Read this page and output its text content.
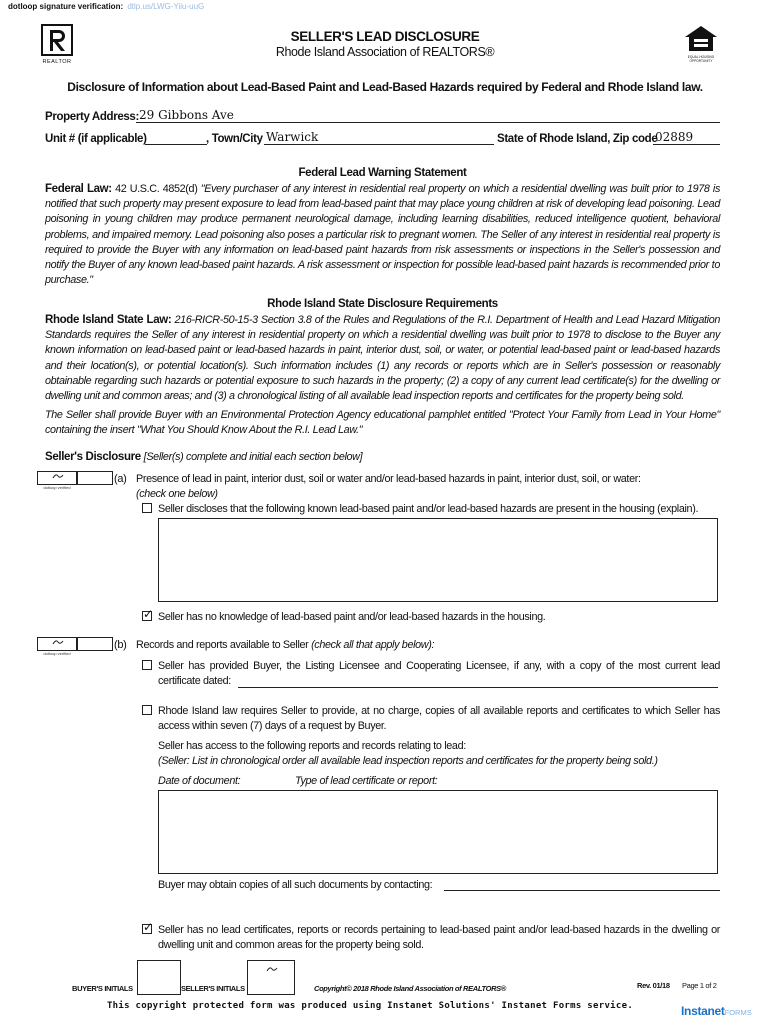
dotloop signature verification: dtlp.us/LWG-Yiiu-uuG
REALTOR
SELLER'S LEAD DISCLOSURE
Rhode Island Association of REALTORS®	EQUAL HOUSING OPPORTUNITY
Disclosure of Information about Lead-Based Paint and Lead-Based Hazards required by Federal and Rhode Island law.
Property Address: 29 Gibbons Ave
Unit # (if applicable)	, Town/City Warwick	State of Rhode Island, Zip code
02889
Federal Lead Warning Statement
Federal Law: 42 U.S.C. 4852(d) "Every purchaser of any interest in residential real property on which a residential dwelling was built prior to 1978 is notified that such property may present exposure to lead from lead-based paint that may place young children at risk of developing lead poisoning. Lead poisoning in young children may produce permanent neurological damage, including learning disabilities, reduced intelligence quotient, behavioral problems, and impaired memory. Lead poisoning also poses a particular risk to pregnant women. The Seller of any interest in residential real property is required to provide the Buyer with any information on lead-based paint hazards from risk assessments or inspections in the Seller's possession and notify the Buyer of any known lead-based paint hazards. A risk assessment or inspection for possible lead-based paint hazards is recommended prior to purchase."
Rhode Island State Disclosure Requirements
Rhode Island State Law: 216-RICR-50-15-3 Section 3.8 of the Rules and Regulations of the R.I. Department of Health and Lead Hazard Mitigation Standards requires the Seller of any interest in residential property on which a residential dwelling was built prior to 1978 to disclose to the Buyer any known information on lead-based paint or lead-based hazards in paint, interior dust, soil, or water, or potential lead-based paint or lead-based hazards and their location(s), or potential location(s). Such information includes (1) any records or reports which are in Seller's possession or reasonably obtainable regarding such hazards or potential exposure to such hazards in the property; (2) a copy of any current lead certificate(s) for the dwelling or dwelling unit and common areas; and (3) a chronological listing of all available lead inspection reports and certificates for the property being sold.
The Seller shall provide Buyer with an Environmental Protection Agency educational pamphlet entitled "Protect Your Family from Lead in Your Home" containing the insert "What You Should Know About the R.I. Lead Law."
Seller's Disclosure [Seller(s) complete and initial each section below]
dotloop verified
(a) Presence of lead in paint, interior dust, soil or water and/or lead-based hazards in paint, interior dust, soil, or water:
(check one below)
Seller discloses that the following known lead-based paint and/or lead-based hazards are present in the housing (explain).
✓ Seller has no knowledge of lead-based paint and/or lead-based hazards in the housing.
dotloop verified
(b) Records and reports available to Seller (check all that apply below):
Seller has provided Buyer, the Listing Licensee and Cooperating Licensee, if any, with a copy of the most current lead certificate dated:
Rhode Island law requires Seller to provide, at no charge, copies of all available reports and certificates to which Seller has access within seven (7) days of a request by Buyer.
Seller has access to the following reports and records relating to lead:
(Seller: List in chronological order all available lead inspection reports and certificates for the property being sold.)
Date of document:	Type of lead certificate or report:
Buyer may obtain copies of all such documents by contacting:
✓ Seller has no lead certificates, reports or records pertaining to lead-based paint and/or lead-based hazards in the dwelling or dwelling unit and common areas for the property being sold.
BUYER'S INITIALS	SELLER'S INITIALS	Copyright© 2018 Rhode Island Association of REALTORS®	Rev. 01/18 Page 1 of 2
This copyright protected form was produced using Instanet Solutions' Instanet Forms service.	InstanetFORMS
